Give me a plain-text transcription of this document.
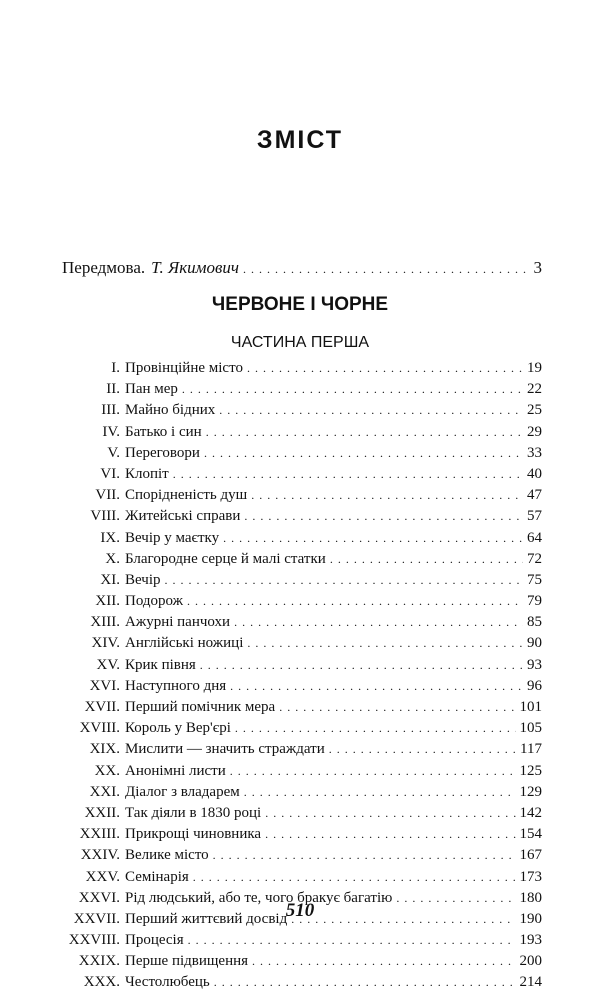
ЗМІСТ
Передмова. Т. Якимович . . .	3
ЧЕРВОНЕ І ЧОРНЕ
ЧАСТИНА ПЕРША
I. Провінційне місто . . .	19
II. Пан мер . . .	22
III. Майно бідних . . .	25
IV. Батько і син . . .	29
V. Переговори . . .	33
VI. Клопіт . . .	40
VII. Спорідненість душ . . .	47
VIII. Житейські справи . . .	57
IX. Вечір у маєтку . . .	64
X. Благородне серце й малі статки . . .	72
XI. Вечір . . .	75
XII. Подорож . . .	79
XIII. Ажурні панчохи . . .	85
XIV. Англійські ножиці . . .	90
XV. Крик півня . . .	93
XVI. Наступного дня . . .	96
XVII. Перший помічник мера . . .	101
XVIII. Король у Вер'єрі . . .	105
XIX. Мислити — значить страждати . . .	117
XX. Анонімні листи . . .	125
XXI. Діалог з владарем . . .	129
XXII. Так діяли в 1830 році . . .	142
XXIII. Прикрощі чиновника . . .	154
XXIV. Велике місто . . .	167
XXV. Семінарія . . .	173
XXVI. Рід людський, або те, чого бракує багатію . . .	180
XXVII. Перший життєвий досвід . . .	190
XXVIII. Процесія . . .	193
XXIX. Перше підвищення . . .	200
XXX. Честолюбець . . .	214
510
